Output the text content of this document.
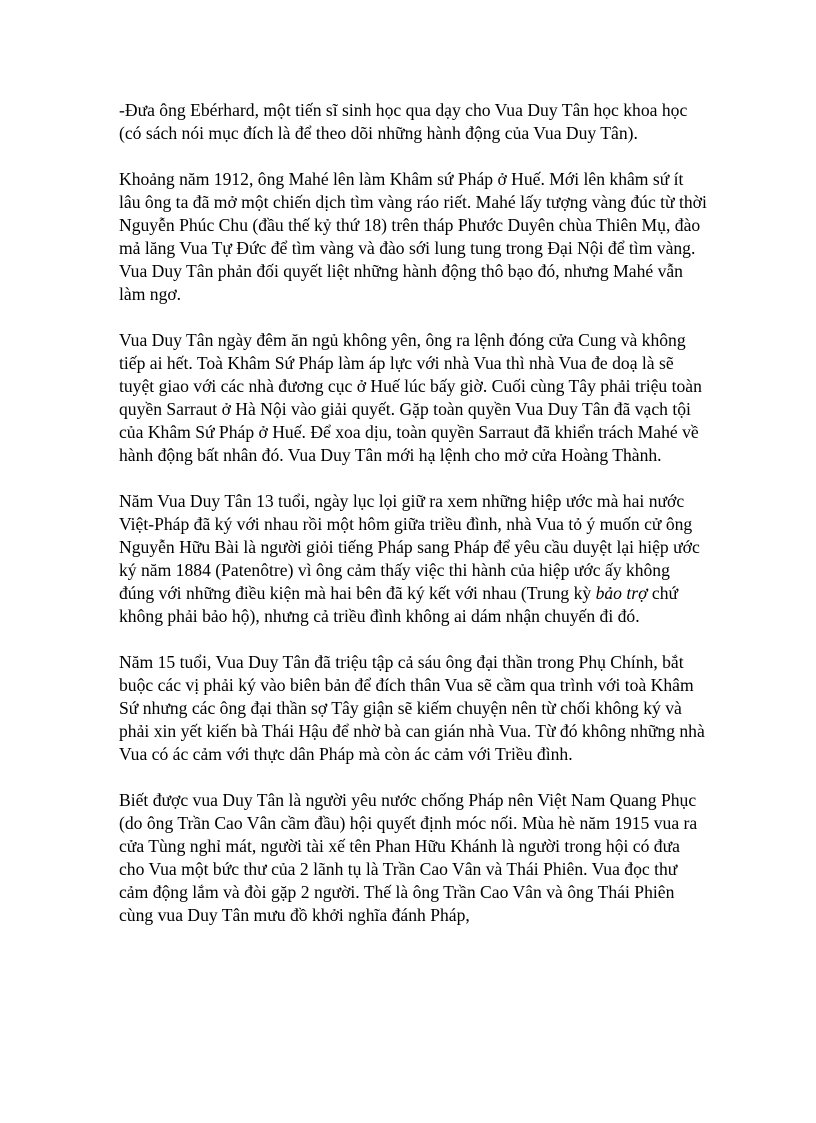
-Đưa ông Ebérhard, một tiến sĩ sinh học qua dạy cho Vua Duy Tân học khoa học (có sách nói mục đích là để theo dõi những hành động của Vua Duy Tân).

Khoảng năm 1912, ông Mahé lên làm Khâm sứ Pháp ở Huế. Mới lên khâm sứ ít lâu ông ta đã mở một chiến dịch tìm vàng ráo riết. Mahé lấy tượng vàng đúc từ thời Nguyễn Phúc Chu (đầu thế kỷ thứ 18) trên tháp Phước Duyên chùa Thiên Mụ, đào mả lăng Vua Tự Đức để tìm vàng và đào sới lung tung trong Đại Nội để tìm vàng. Vua Duy Tân phản đối quyết liệt những hành động thô bạo đó, nhưng Mahé vẫn làm ngơ.

Vua Duy Tân ngày đêm ăn ngủ không yên, ông ra lệnh đóng cửa Cung và không tiếp ai hết. Toà Khâm Sứ Pháp làm áp lực với nhà Vua thì nhà Vua đe doạ là sẽ tuyệt giao với các nhà đương cục ở Huế lúc bấy giờ. Cuối cùng Tây phải triệu toàn quyền Sarraut ở Hà Nội vào giải quyết. Gặp toàn quyền Vua Duy Tân đã vạch tội của Khâm Sứ Pháp ở Huế. Để xoa dịu, toàn quyền Sarraut đã khiển trách Mahé về hành động bất nhân đó. Vua Duy Tân mới hạ lệnh cho mở cửa Hoàng Thành.

Năm Vua Duy Tân 13 tuổi, ngày lục lọi giữ ra xem những hiệp ước mà hai nước Việt-Pháp đã ký với nhau rồi một hôm giữa triều đình, nhà Vua tỏ ý muốn cử ông Nguyễn Hữu Bài là người giỏi tiếng Pháp sang Pháp để yêu cầu duyệt lại hiệp ước ký năm 1884 (Patenôtre) vì ông cảm thấy việc thi hành của hiệp ước ấy không đúng với những điều kiện mà hai bên đã ký kết với nhau (Trung kỳ bảo trợ chứ không phải bảo hộ), nhưng cả triều đình không ai dám nhận chuyến đi đó.

Năm 15 tuổi, Vua Duy Tân đã triệu tập cả sáu ông đại thần trong Phụ Chính, bắt buộc các vị phải ký vào biên bản để đích thân Vua sẽ cầm qua trình với toà Khâm Sứ nhưng các ông đại thần sợ Tây giận sẽ kiếm chuyện nên từ chối không ký và phải xin yết kiến bà Thái Hậu để nhờ bà can gián nhà Vua. Từ đó không những nhà Vua có ác cảm với thực dân Pháp mà còn ác cảm với Triều đình.

Biết được vua Duy Tân là người yêu nước chống Pháp nên Việt Nam Quang Phục (do ông Trần Cao Vân cầm đầu) hội quyết định móc nối. Mùa hè năm 1915 vua ra cửa Tùng nghỉ mát, người tài xế tên Phan Hữu Khánh là người trong hội có đưa cho Vua một bức thư của 2 lãnh tụ là Trần Cao Vân và Thái Phiên. Vua đọc thư cảm động lắm và đòi gặp 2 người. Thế là ông Trần Cao Vân và ông Thái Phiên cùng vua Duy Tân mưu đồ khởi nghĩa đánh Pháp,
